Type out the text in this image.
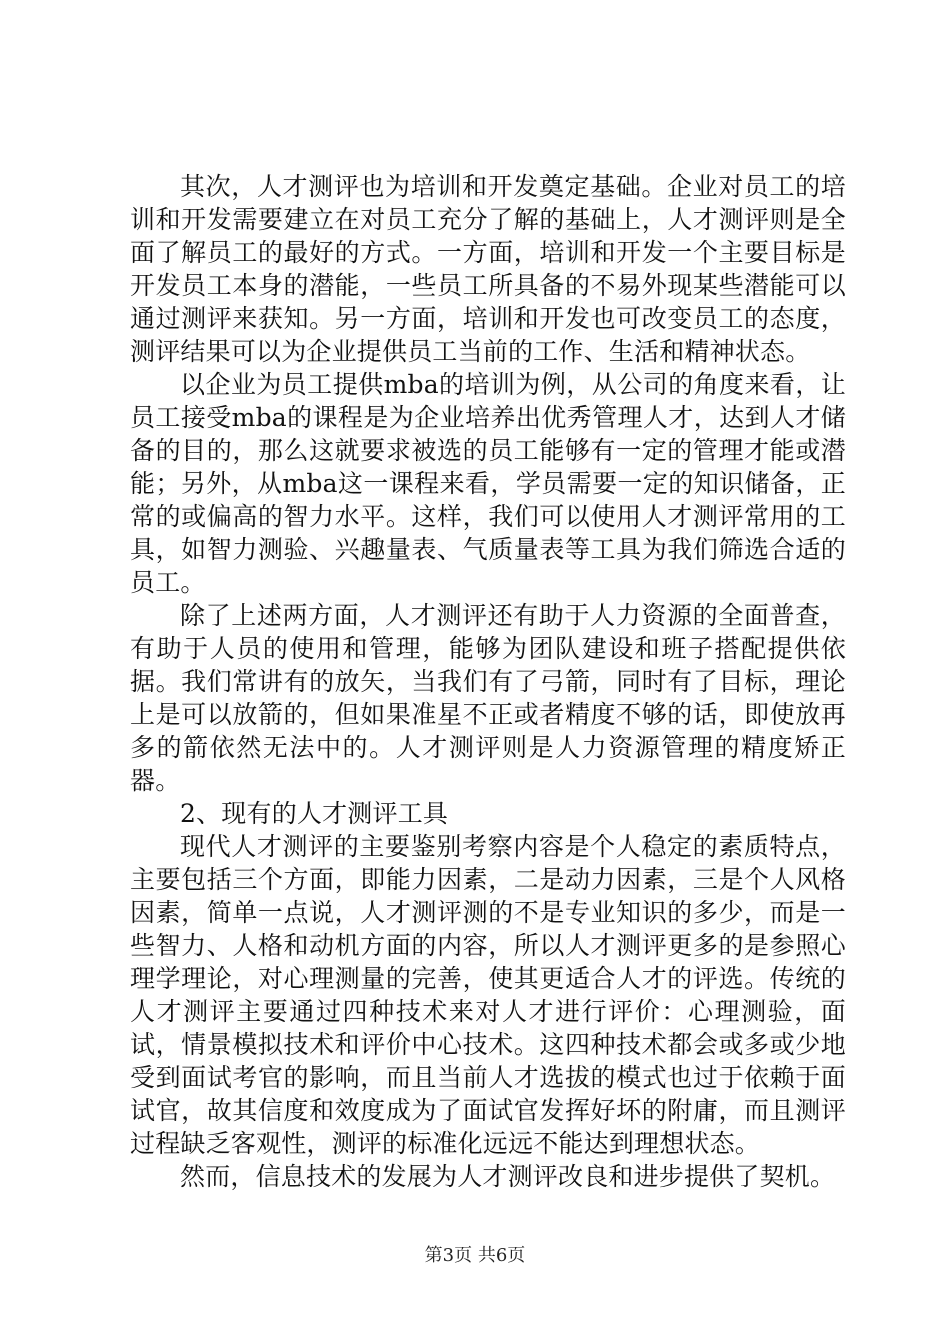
其次，人才测评也为培训和开发奠定基础。企业对员工的培训和开发需要建立在对员工充分了解的基础上，人才测评则是全面了解员工的最好的方式。一方面，培训和开发一个主要目标是开发员工本身的潜能，一些员工所具备的不易外现某些潜能可以通过测评来获知。另一方面，培训和开发也可改变员工的态度，测评结果可以为企业提供员工当前的工作、生活和精神状态。

以企业为员工提供mba的培训为例，从公司的角度来看，让员工接受mba的课程是为企业培养出优秀管理人才，达到人才储备的目的，那么这就要求被选的员工能够有一定的管理才能或潜能；另外，从mba这一课程来看，学员需要一定的知识储备，正常的或偏高的智力水平。这样，我们可以使用人才测评常用的工具，如智力测验、兴趣量表、气质量表等工具为我们筛选合适的员工。

除了上述两方面，人才测评还有助于人力资源的全面普查，有助于人员的使用和管理，能够为团队建设和班子搭配提供依据。我们常讲有的放矢，当我们有了弓箭，同时有了目标，理论上是可以放箭的，但如果准星不正或者精度不够的话，即使放再多的箭依然无法中的。人才测评则是人力资源管理的精度矫正器。

2、现有的人才测评工具

现代人才测评的主要鉴别考察内容是个人稳定的素质特点，主要包括三个方面，即能力因素，二是动力因素，三是个人风格因素，简单一点说，人才测评测的不是专业知识的多少，而是一些智力、人格和动机方面的内容，所以人才测评更多的是参照心理学理论，对心理测量的完善，使其更适合人才的评选。传统的人才测评主要通过四种技术来对人才进行评价：心理测验，面试，情景模拟技术和评价中心技术。这四种技术都会或多或少地受到面试考官的影响，而且当前人才选拔的模式也过于依赖于面试官，故其信度和效度成为了面试官发挥好坏的附庸，而且测评过程缺乏客观性，测评的标准化远远不能达到理想状态。

然而，信息技术的发展为人才测评改良和进步提供了契机。

第3页 共6页
